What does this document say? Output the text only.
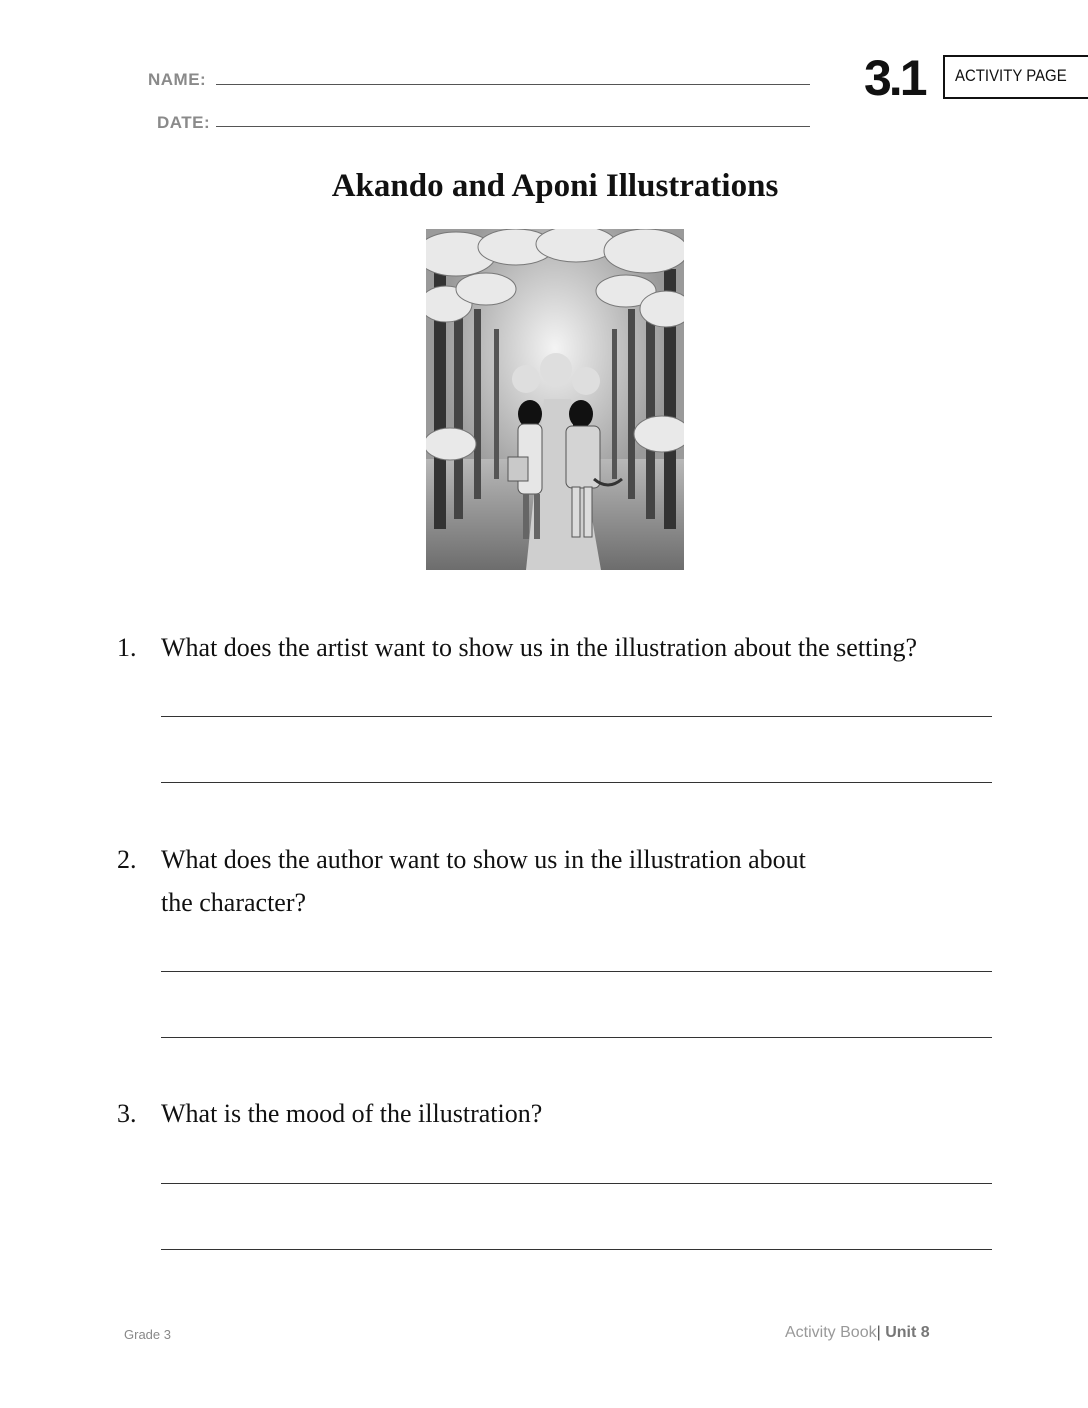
NAME:
DATE:
3.1 ACTIVITY PAGE
Akando and Aponi Illustrations
1. What does the artist want to show us in the illustration about the setting?
2. What does the author want to show us in the illustration about
the character?
3. What is the mood of the illustration?
Grade 3	Activity Book| Unit 8
